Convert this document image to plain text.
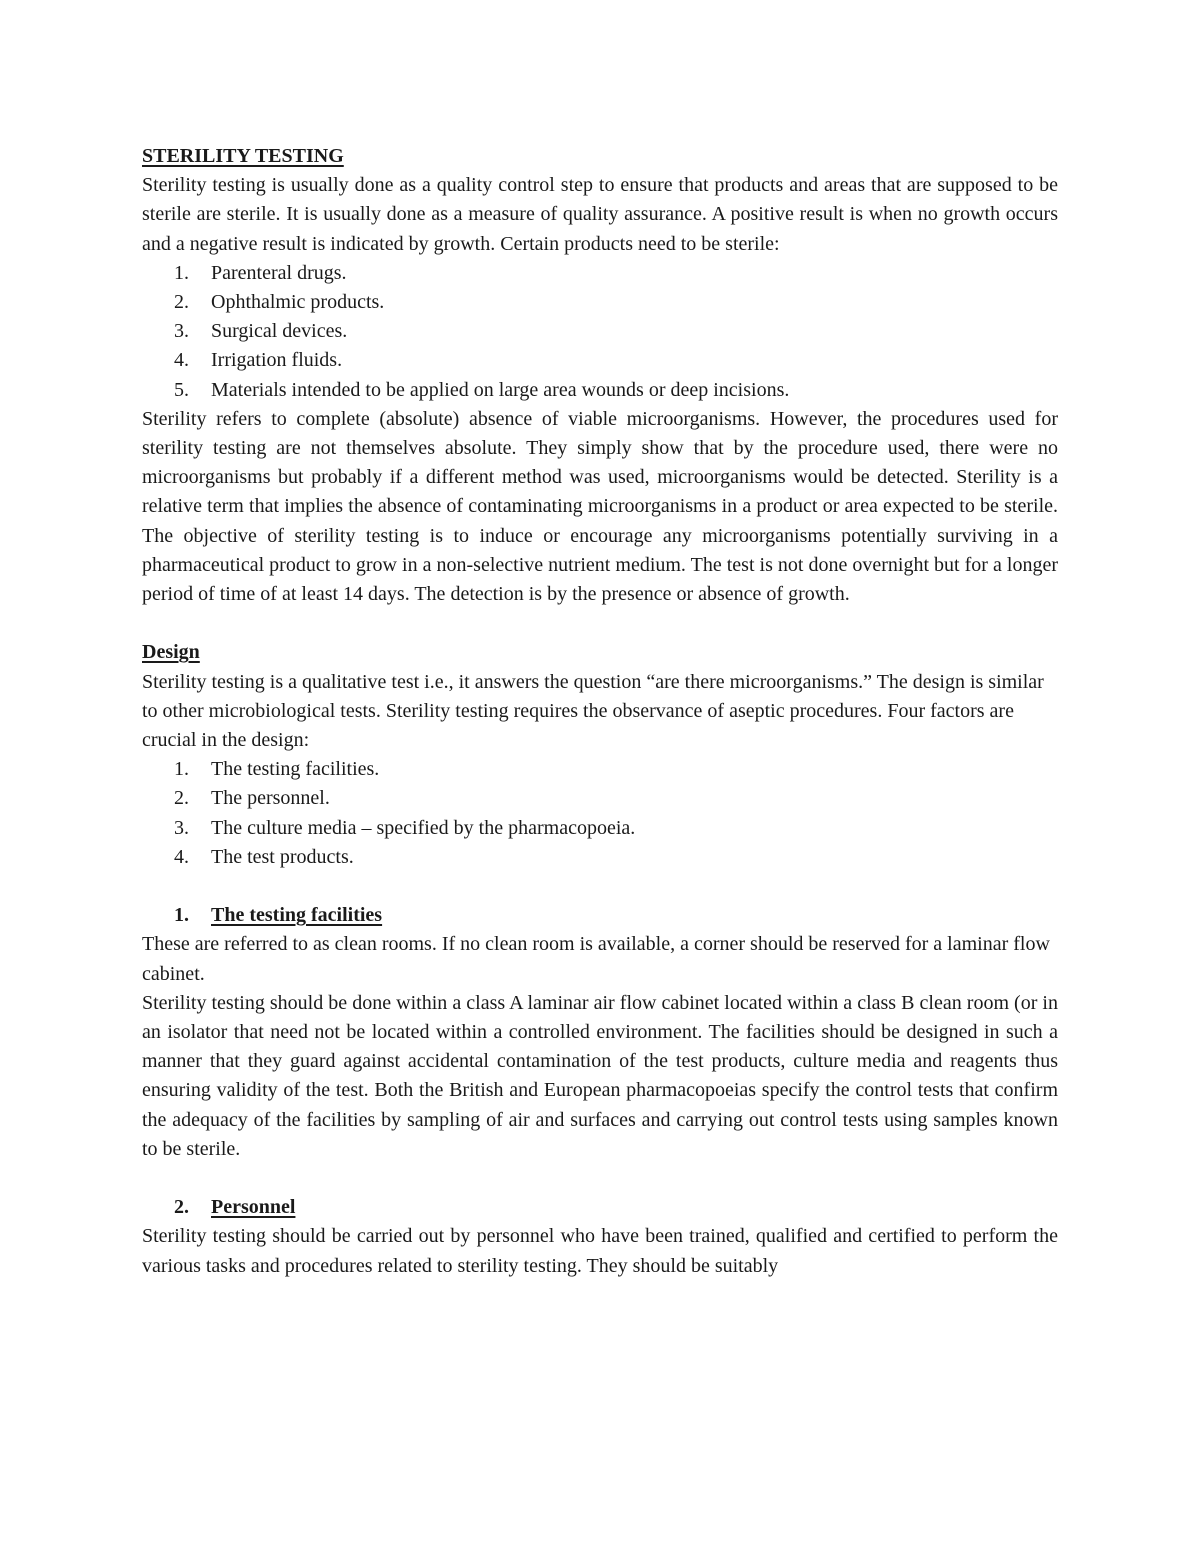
STERILITY TESTING

Sterility testing is usually done as a quality control step to ensure that products and areas that are supposed to be sterile are sterile. It is usually done as a measure of quality assurance. A positive result is when no growth occurs and a negative result is indicated by growth. Certain products need to be sterile:

1.	Parenteral drugs.
2.	Ophthalmic products.
3.	Surgical devices.
4.	Irrigation fluids.
5.	Materials intended to be applied on large area wounds or deep incisions.

Sterility refers to complete (absolute) absence of viable microorganisms. However, the procedures used for sterility testing are not themselves absolute. They simply show that by the procedure used, there were no microorganisms but probably if a different method was used, microorganisms would be detected. Sterility is a relative term that implies the absence of contaminating microorganisms in a product or area expected to be sterile. The objective of sterility testing is to induce or encourage any microorganisms potentially surviving in a pharmaceutical product to grow in a non-selective nutrient medium. The test is not done overnight but for a longer period of time of at least 14 days. The detection is by the presence or absence of growth.

Design

Sterility testing is a qualitative test i.e., it answers the question “are there microorganisms.” The design is similar to other microbiological tests. Sterility testing requires the observance of aseptic procedures. Four factors are crucial in the design:

1.	The testing facilities.
2.	The personnel.
3.	The culture media – specified by the pharmacopoeia.
4.	The test products.
1. The testing facilities

These are referred to as clean rooms. If no clean room is available, a corner should be reserved for a laminar flow cabinet.

Sterility testing should be done within a class A laminar air flow cabinet located within a class B clean room (or in an isolator that need not be located within a controlled environment. The facilities should be designed in such a manner that they guard against accidental contamination of the test products, culture media and reagents thus ensuring validity of the test. Both the British and European pharmacopoeias specify the control tests that confirm the adequacy of the facilities by sampling of air and surfaces and carrying out control tests using samples known to be sterile.

2. Personnel

Sterility testing should be carried out by personnel who have been trained, qualified and certified to perform the various tasks and procedures related to sterility testing. They should be suitably
